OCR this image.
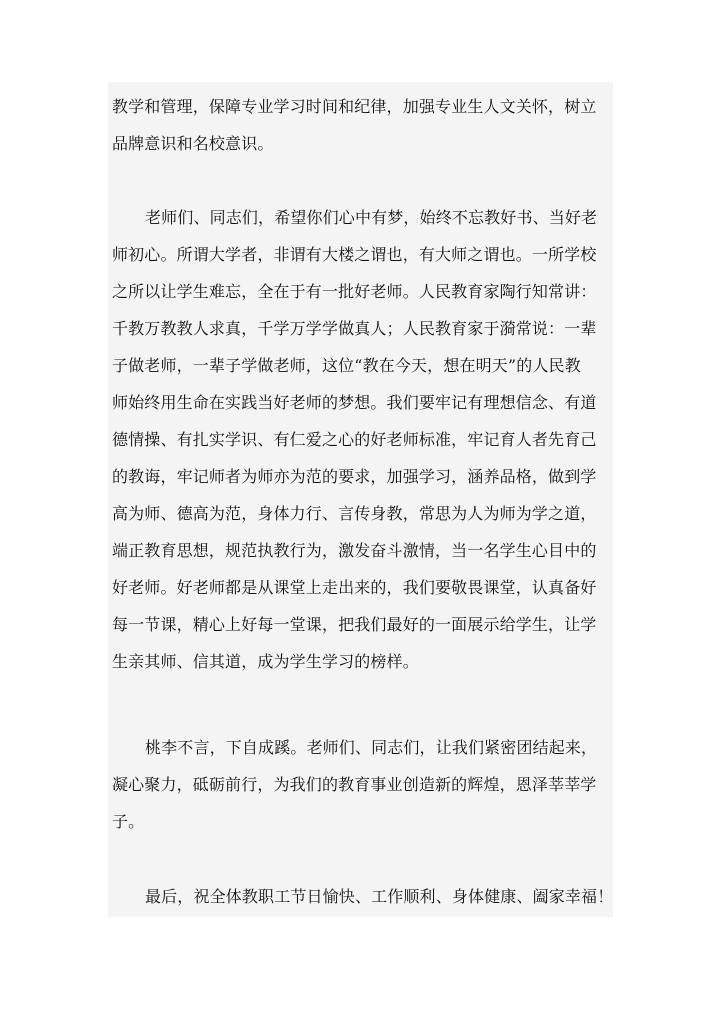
教学和管理，保障专业学习时间和纪律，加强专业生人文关怀，树立
品牌意识和名校意识。
老师们、同志们，希望你们心中有梦，始终不忘教好书、当好老
师初心。所谓大学者，非谓有大楼之谓也，有大师之谓也。一所学校
之所以让学生难忘，全在于有一批好老师。人民教育家陶行知常讲：
千教万教教人求真，千学万学学做真人；人民教育家于漪常说：一辈
子做老师，一辈子学做老师，这位“教在今天，想在明天”的人民教
师始终用生命在实践当好老师的梦想。我们要牢记有理想信念、有道
德情操、有扎实学识、有仁爱之心的好老师标准，牢记育人者先育己
的教诲，牢记师者为师亦为范的要求，加强学习，涵养品格，做到学
高为师、德高为范，身体力行、言传身教，常思为人为师为学之道，
端正教育思想，规范执教行为，激发奋斗激情，当一名学生心目中的
好老师。好老师都是从课堂上走出来的，我们要敬畏课堂，认真备好
每一节课，精心上好每一堂课，把我们最好的一面展示给学生，让学
生亲其师、信其道，成为学生学习的榜样。
桃李不言，下自成蹊。老师们、同志们，让我们紧密团结起来，
凝心聚力，砥砺前行，为我们的教育事业创造新的辉煌，恩泽莘莘学
子。
最后，祝全体教职工节日愉快、工作顺利、身体健康、阖家幸福！
